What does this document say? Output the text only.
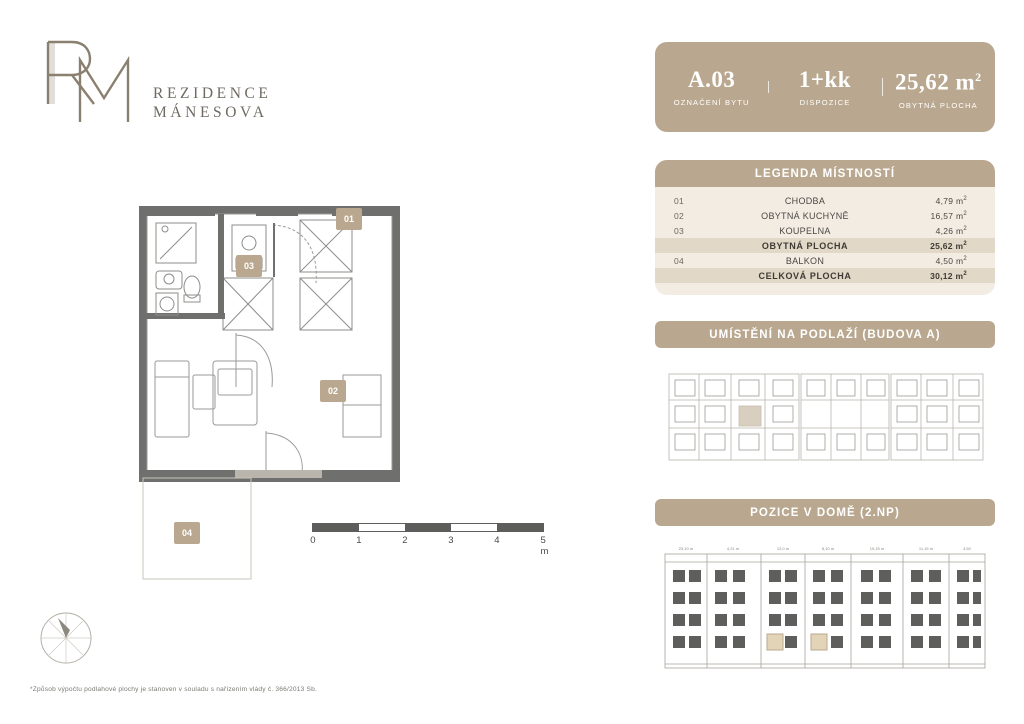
REZIDENCE
MÁNESOVA
03
01
02
04
0	1	2	3	4	5 m
*Způsob výpočtu podlahové plochy je stanoven v souladu s nařízením vlády č. 366/2013 Sb.
A.03
OZNAČENÍ BYTU
1+kk
DISPOZICE
25,62 $m^2$
OBYTNÁ PLOCHA
LEGENDA MÍSTNOSTÍ
01	CHODBA	4,79 $m^2$
02	OBYTNÁ KUCHYNĚ	16,57 $m^2$
03	KOUPELNA	4,26 $m^2$
	OBYTNÁ PLOCHA	25,62 $m^2$
04	BALKON	4,50 $m^2$
	CELKOVÁ PLOCHA	30,12 $m^2$
UMÍSTĚNÍ NA PODLAŽÍ (BUDOVA A)
POZICE V DOMĚ (2.NP)
23,10 m	4,21 m	12,0 m	8,10 m	19,15 m	11,15 m	4,50
